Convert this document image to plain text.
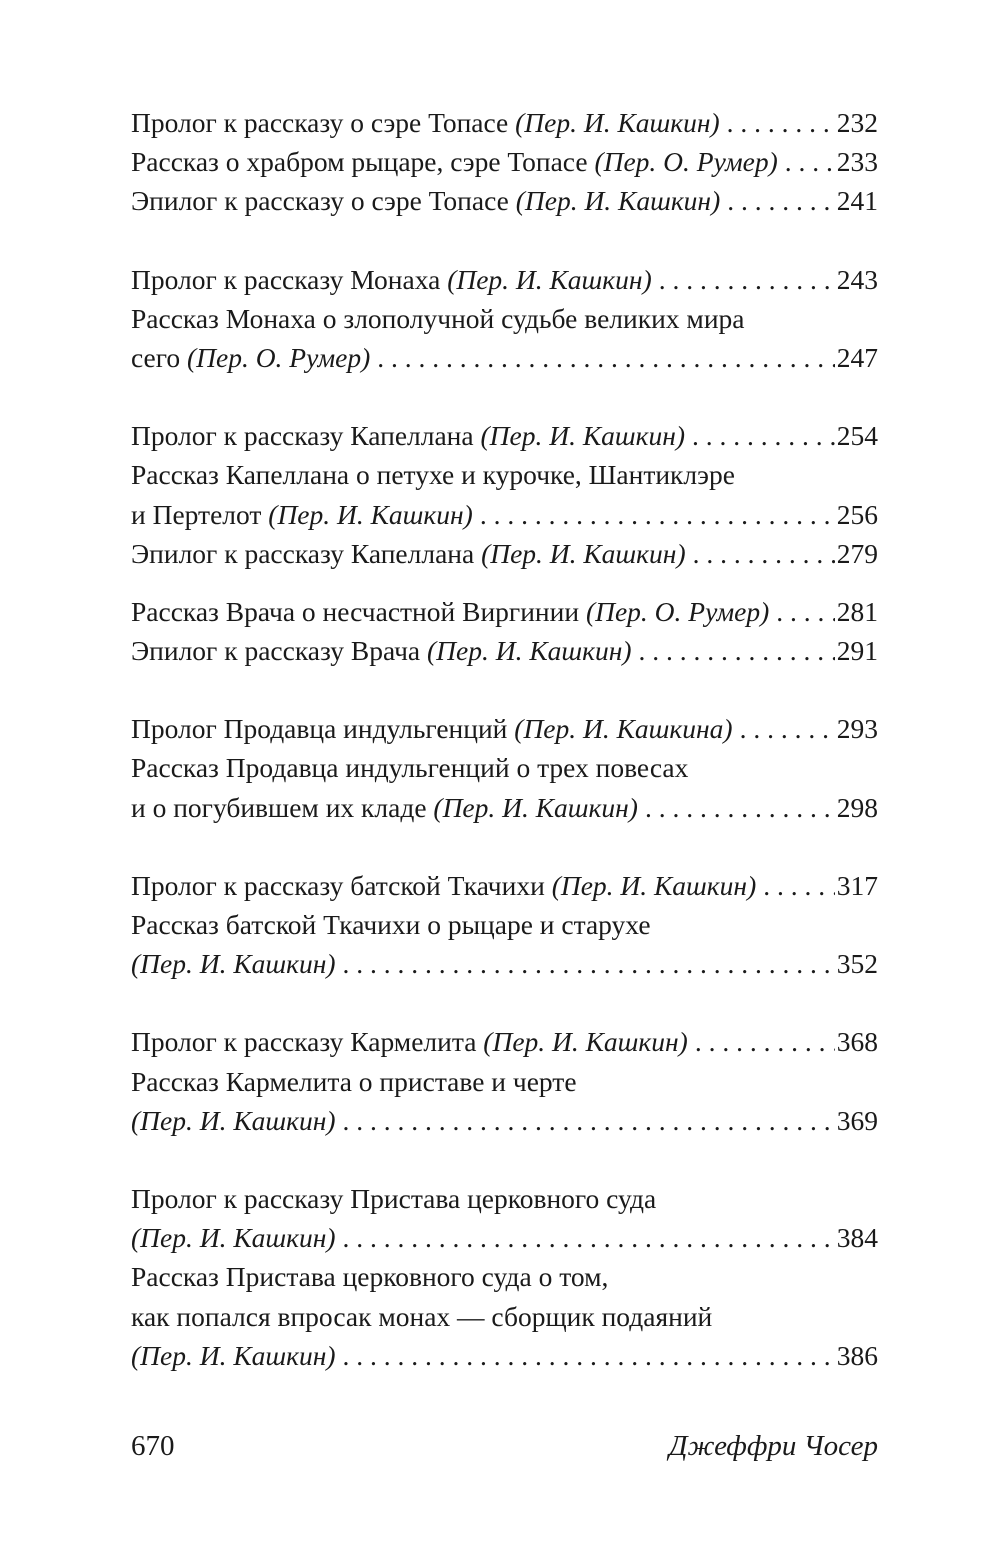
Пролог к рассказу о сэре Топасе (Пер. И. Кашкин) . . .	232
Рассказ о храбром рыцаре, сэре Топасе (Пер. О. Румер) . . . 233
Эпилог к рассказу о сэре Топасе (Пер. И. Кашкин) . . .	241
Пролог к рассказу Монаха (Пер. И. Кашкин) . . .	243
Рассказ Монаха о злополучной судьбе великих мира
сего (Пер. О. Румер) . . .	247
Пролог к рассказу Капеллана (Пер. И. Кашкин) . . .	254
Рассказ Капеллана о петухе и курочке, Шантиклэре
и Пертелот (Пер. И. Кашкин) . . .	256
Эпилог к рассказу Капеллана (Пер. И. Кашкин) . . .	279
Рассказ Врача о несчастной Виргинии (Пер. О. Румер) . . . 281
Эпилог к рассказу Врача (Пер. И. Кашкин) . . .	291
Пролог Продавца индульгенций (Пер. И. Кашкина) . . .	293
Рассказ Продавца индульгенций о трех повесах
и о погубившем их кладе (Пер. И. Кашкин) . . .	298
Пролог к рассказу батской Ткачихи (Пер. И. Кашкин) . . .	317
Рассказ батской Ткачихи о рыцаре и старухе
(Пер. И. Кашкин) . . .	352
Пролог к рассказу Кармелита (Пер. И. Кашкин) . . .	368
Рассказ Кармелита о приставе и черте
(Пер. И. Кашкин) . . .	369
Пролог к рассказу Пристава церковного суда
(Пер. И. Кашкин) . . .	384
Рассказ Пристава церковного суда о том,
как попался впросак монах — сборщик подаяний
(Пер. И. Кашкин) . . .	386
670	Джеффри Чосер
